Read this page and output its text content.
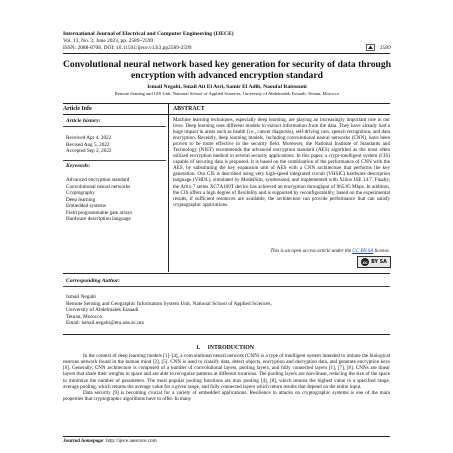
International Journal of Electrical and Computer Engineering (IJECE)
Vol. 13, No. 3, June 2023, pp. 2589~2599
ISSN: 2088-8708, DOI: 10.11591/ijece.v13i3.pp2589-2599	2589
Convolutional neural network based key generation for security of data through encryption with advanced encryption standard
Ismail Negabi, Smail Ait El Asri, Samir El Adib, Naoufal Raissouni
Remote Sensing and GIS Unit, National School of Applied Sciences, University of Abdelmalek Essaadi, Tetuan, Morocco
Article Info	ABSTRACT
Article history:
Received Apr 4, 2022
Revised Aug 5, 2022
Accepted Sep 2, 2022
Keywords:
Advanced encryption standard
Convolutional neural networks
Cryptography
Deep learning
Embedded systems
Field programmable gate arrays
Hardware description language
Machine learning techniques, especially deep learning, are playing an increasingly important role in our lives. Deep learning uses different models to extract information from the data. They have already had a huge impact in areas such as health (i.e., cancer diagnosis), self-driving cars, speech recognition, and data encryption. Recently, deep learning models, including convolutional neural networks (CNN), have been proven to be more effective in the security field. Moreover, the National Institute of Standards and Technology (NIST) recommends the advanced encryption standard (AES) algorithm as the most often utilized encryption method in several security applications. In this paper, a crypt-intelligent system (CIS) capable of securing data is proposed. It is based on the combination of the performance of CNN with the AES, by substituting the key expansion unit of AES with a CNN architecture that performs the key generation. Our CIS is described using very high-speed integrated circuit (VHSIC) hardware description language (VHDL), simulated by ModelSim, synthesized, and implemented with Xilinx ISE 14.7. Finally, the Artix-7 series XC7A100T device has achieved an encryption throughput of 965.85 Mbps. In addition, the CIS offers a high degree of flexibility and is supported by reconfigurability, based on the experimental results, if sufficient resources are available, the architecture can provide performance that can satisfy cryptographic applications.
This is an open access article under the CC BY-SA license.
cc BY SA
Corresponding Author:
Ismail Negabi
Remote Sensing and Geographic Information System Unit, National School of Applied Sciences,
University of Abdelmalek Essaadi
Tetuan, Morocco
Email: ismail.negabi@etu.uae.ac.ma
1.     INTRODUCTION

In the context of deep learning models [1]–[4], a convolutional neural network (CNN) is a type of intelligent system intended to imitate the biological neurons network found in the human mind [2], [5]. CNN is used to classify data, detect objects, encryption and decryption data, and generate encryption keys [6]. Generally, CNN architecture is composed of a number of convolutional layers, pooling layers, and fully connected layers [1], [7], [8]. CNNs are linear layers that share their weights in space and are able to recognize patterns at different locations. The pooling layers are non-linear, reducing the size of the space to minimize the number of parameters. The most popular pooling functions are max pooling [4], [8], which returns the highest value in a specified range, average pooling, which returns the average value for a given range, and fully connected layers which return results that depend on the entire input.

Data security [9] is becoming crucial for a variety of embedded applications. Resilience to attacks on cryptographic systems is one of the main properties that cryptographic algorithms have to offer. In many

Journal homepage: http://ijece.iaescore.com
